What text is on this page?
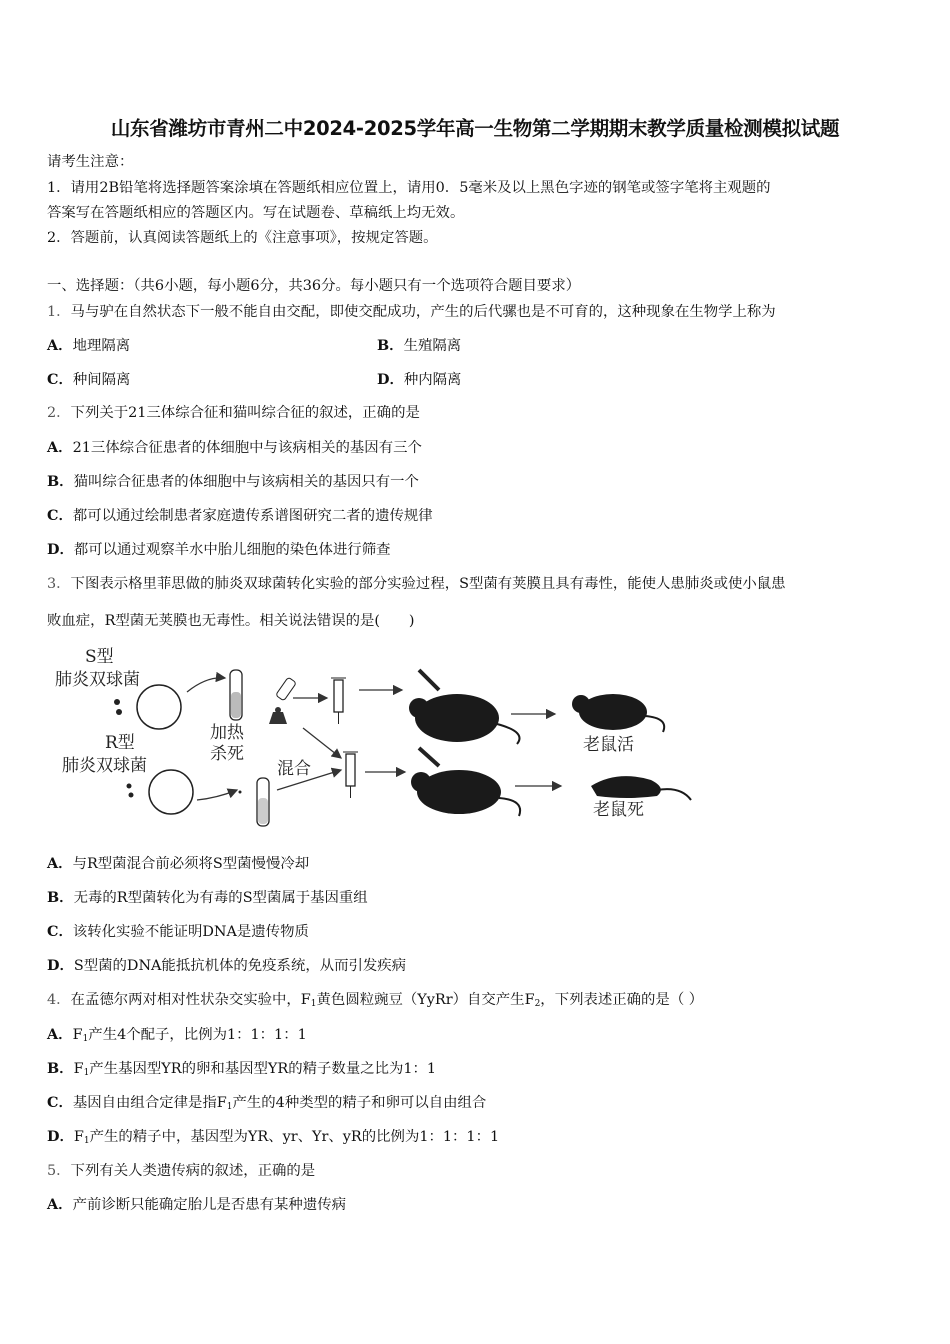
山东省潍坊市青州二中2024-2025学年高一生物第二学期期末教学质量检测模拟试题
请考生注意：
1．请用2B铅笔将选择题答案涂填在答题纸相应位置上，请用0．5毫米及以上黑色字迹的钢笔或签字笔将主观题的
答案写在答题纸相应的答题区内。写在试题卷、草稿纸上均无效。
2．答题前，认真阅读答题纸上的《注意事项》，按规定答题。
一、选择题：（共6小题，每小题6分，共36分。每小题只有一个选项符合题目要求）
1．马与驴在自然状态下一般不能自由交配，即使交配成功，产生的后代骡也是不可育的，这种现象在生物学上称为
A．地理隔离	B．生殖隔离
C．种间隔离	D．种内隔离
2．下列关于21三体综合征和猫叫综合征的叙述，正确的是
A．21三体综合征患者的体细胞中与该病相关的基因有三个
B．猫叫综合征患者的体细胞中与该病相关的基因只有一个
C．都可以通过绘制患者家庭遗传系谱图研究二者的遗传规律
D．都可以通过观察羊水中胎儿细胞的染色体进行筛查
3．下图表示格里菲思做的肺炎双球菌转化实验的部分实验过程，S型菌有荚膜且具有毒性，能使人患肺炎或使小鼠患
败血症，R型菌无荚膜也无毒性。相关说法错误的是(　　)
S型
肺炎双球菌
R型
肺炎双球菌
加热
杀死
混合
老鼠活
老鼠死
A．与R型菌混合前必须将S型菌慢慢冷却
B．无毒的R型菌转化为有毒的S型菌属于基因重组
C．该转化实验不能证明DNA是遗传物质
D．S型菌的DNA能抵抗机体的免疫系统，从而引发疾病
4．在孟德尔两对相对性状杂交实验中，$F_1$黄色圆粒豌豆（YyRr）自交产生$F_2$，下列表述正确的是（ ）
A．$F_1$产生4个配子，比例为1：1：1：1
B．$F_1$产生基因型YR的卵和基因型YR的精子数量之比为1：1
C．基因自由组合定律是指$F_1$产生的4种类型的精子和卵可以自由组合
D．$F_1$产生的精子中，基因型为YR、yr、Yr、yR的比例为1：1：1：1
5．下列有关人类遗传病的叙述，正确的是
A．产前诊断只能确定胎儿是否患有某种遗传病
